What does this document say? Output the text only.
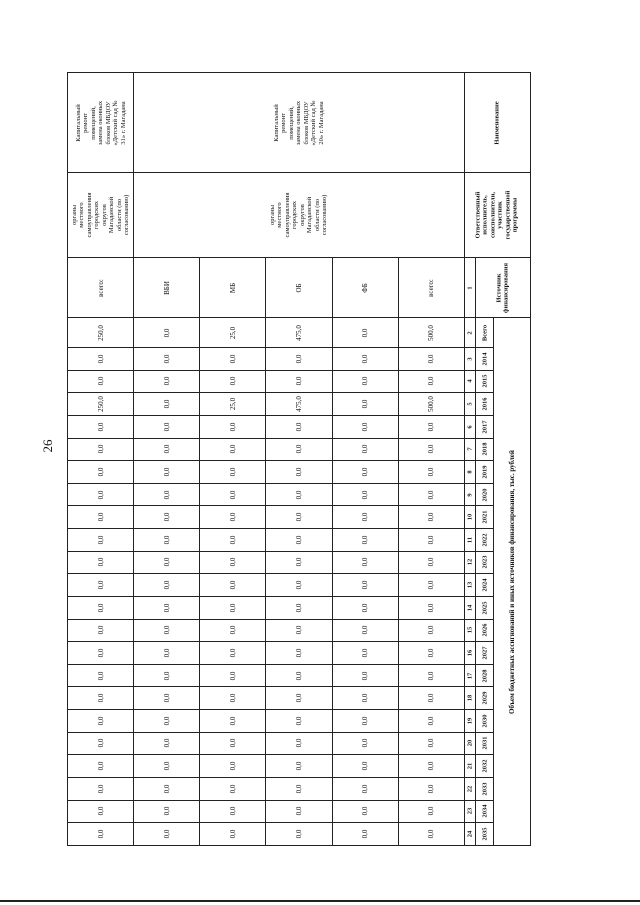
26
Наименование	Ответственный исполнитель, соисполнители, участник государственной программы	Источник финансирования	Объем бюджетных ассигнований и иных источников финансирования, тыс. рублей																							

			Всего	2014	2015	2016	2017	2018	2019	2020	2021	2022	2023	2024	2025	2026	2027	2028	2029	2030	2031	2032	2033	2034	2035	

		1	2	3	4	5	6	7	8	9	10	11	12	13	14	15	16	17	18	19	20	21	22	23	24

Капитальный ремонт помещений, замена оконных блоков МБДОУ «Детский сад № 20» г. Магадана	органы местного самоуправления городских округов Магаданской области (по согласованию)	всего:	500,0	0,0	0,0	500,0	0,0	0,0	0,0	0,0	0,0	0,0	0,0	0,0	0,0	0,0	0,0	0,0	0,0	0,0	0,0	0,0	0,0	0,0	0,0	

		ФБ	0,0	0,0	0,0	0,0	0,0	0,0	0,0	0,0	0,0	0,0	0,0	0,0	0,0	0,0	0,0	0,0	0,0	0,0	0,0	0,0	0,0	0,0	0,0	

		ОБ	475,0	0,0	0,0	475,0	0,0	0,0	0,0	0,0	0,0	0,0	0,0	0,0	0,0	0,0	0,0	0,0	0,0	0,0	0,0	0,0	0,0	0,0	0,0	

		МБ	25,0	0,0	0,0	25,0	0,0	0,0	0,0	0,0	0,0	0,0	0,0	0,0	0,0	0,0	0,0	0,0	0,0	0,0	0,0	0,0	0,0	0,0	0,0	

		ВБИ	0,0	0,0	0,0	0,0	0,0	0,0	0,0	0,0	0,0	0,0	0,0	0,0	0,0	0,0	0,0	0,0	0,0	0,0	0,0	0,0	0,0	0,0	0,0	

Капитальный ремонт помещений, замена оконных блоков МБДОУ «Детский сад № 31» г. Магадана	органы местного самоуправления городских округов Магаданской области (по согласованию)	всего:	250,0	0,0	0,0	250,0	0,0	0,0	0,0	0,0	0,0	0,0	0,0	0,0	0,0	0,0	0,0	0,0	0,0	0,0	0,0	0,0	0,0	0,0	0,0	
